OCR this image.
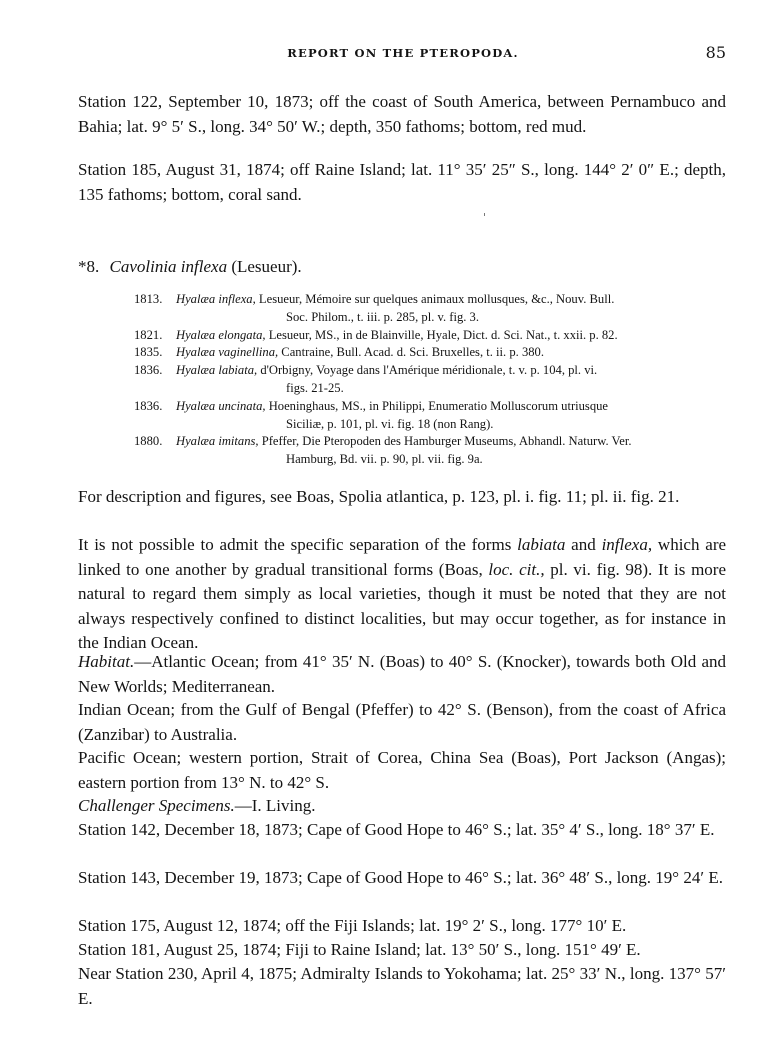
REPORT ON THE PTEROPODA.	85
Station 122, September 10, 1873; off the coast of South America, between Pernambuco and Bahia; lat. 9° 5′ S., long. 34° 50′ W.; depth, 350 fathoms; bottom, red mud.
Station 185, August 31, 1874; off Raine Island; lat. 11° 35′ 25″ S., long. 144° 2′ 0″ E.; depth, 135 fathoms; bottom, coral sand.
*8. Cavolinia inflexa (Lesueur).
1813.	Hyalæa inflexa, Lesueur, Mémoire sur quelques animaux mollusques, &c., Nouv. Bull.
Soc. Philom., t. iii. p. 285, pl. v. fig. 3.
1821.	Hyalæa elongata, Lesueur, MS., in de Blainville, Hyale, Dict. d. Sci. Nat., t. xxii. p. 82.
1835.	Hyalæa vaginellina, Cantraine, Bull. Acad. d. Sci. Bruxelles, t. ii. p. 380.
1836.	Hyalæa labiata, d'Orbigny, Voyage dans l'Amérique méridionale, t. v. p. 104, pl. vi.
figs. 21-25.
1836.	Hyalæa uncinata, Hoeninghaus, MS., in Philippi, Enumeratio Molluscorum utriusque
Siciliæ, p. 101, pl. vi. fig. 18 (non Rang).
1880.	Hyalæa imitans, Pfeffer, Die Pteropoden des Hamburger Museums, Abhandl. Naturw. Ver.
Hamburg, Bd. vii. p. 90, pl. vii. fig. 9a.
For description and figures, see Boas, Spolia atlantica, p. 123, pl. i. fig. 11; pl. ii. fig. 21.
It is not possible to admit the specific separation of the forms labiata and inflexa, which are linked to one another by gradual transitional forms (Boas, loc. cit., pl. vi. fig. 98). It is more natural to regard them simply as local varieties, though it must be noted that they are not always respectively confined to distinct localities, but may occur together, as for instance in the Indian Ocean.
Habitat.—Atlantic Ocean; from 41° 35′ N. (Boas) to 40° S. (Knocker), towards both Old and New Worlds; Mediterranean.
Indian Ocean; from the Gulf of Bengal (Pfeffer) to 42° S. (Benson), from the coast of Africa (Zanzibar) to Australia.
Pacific Ocean; western portion, Strait of Corea, China Sea (Boas), Port Jackson (Angas); eastern portion from 13° N. to 42° S.
Challenger Specimens.—I. Living.
Station 142, December 18, 1873; Cape of Good Hope to 46° S.; lat. 35° 4′ S., long. 18° 37′ E.
Station 143, December 19, 1873; Cape of Good Hope to 46° S.; lat. 36° 48′ S., long. 19° 24′ E.
Station 175, August 12, 1874; off the Fiji Islands; lat. 19° 2′ S., long. 177° 10′ E.
Station 181, August 25, 1874; Fiji to Raine Island; lat. 13° 50′ S., long. 151° 49′ E.
Near Station 230, April 4, 1875; Admiralty Islands to Yokohama; lat. 25° 33′ N., long. 137° 57′ E.
